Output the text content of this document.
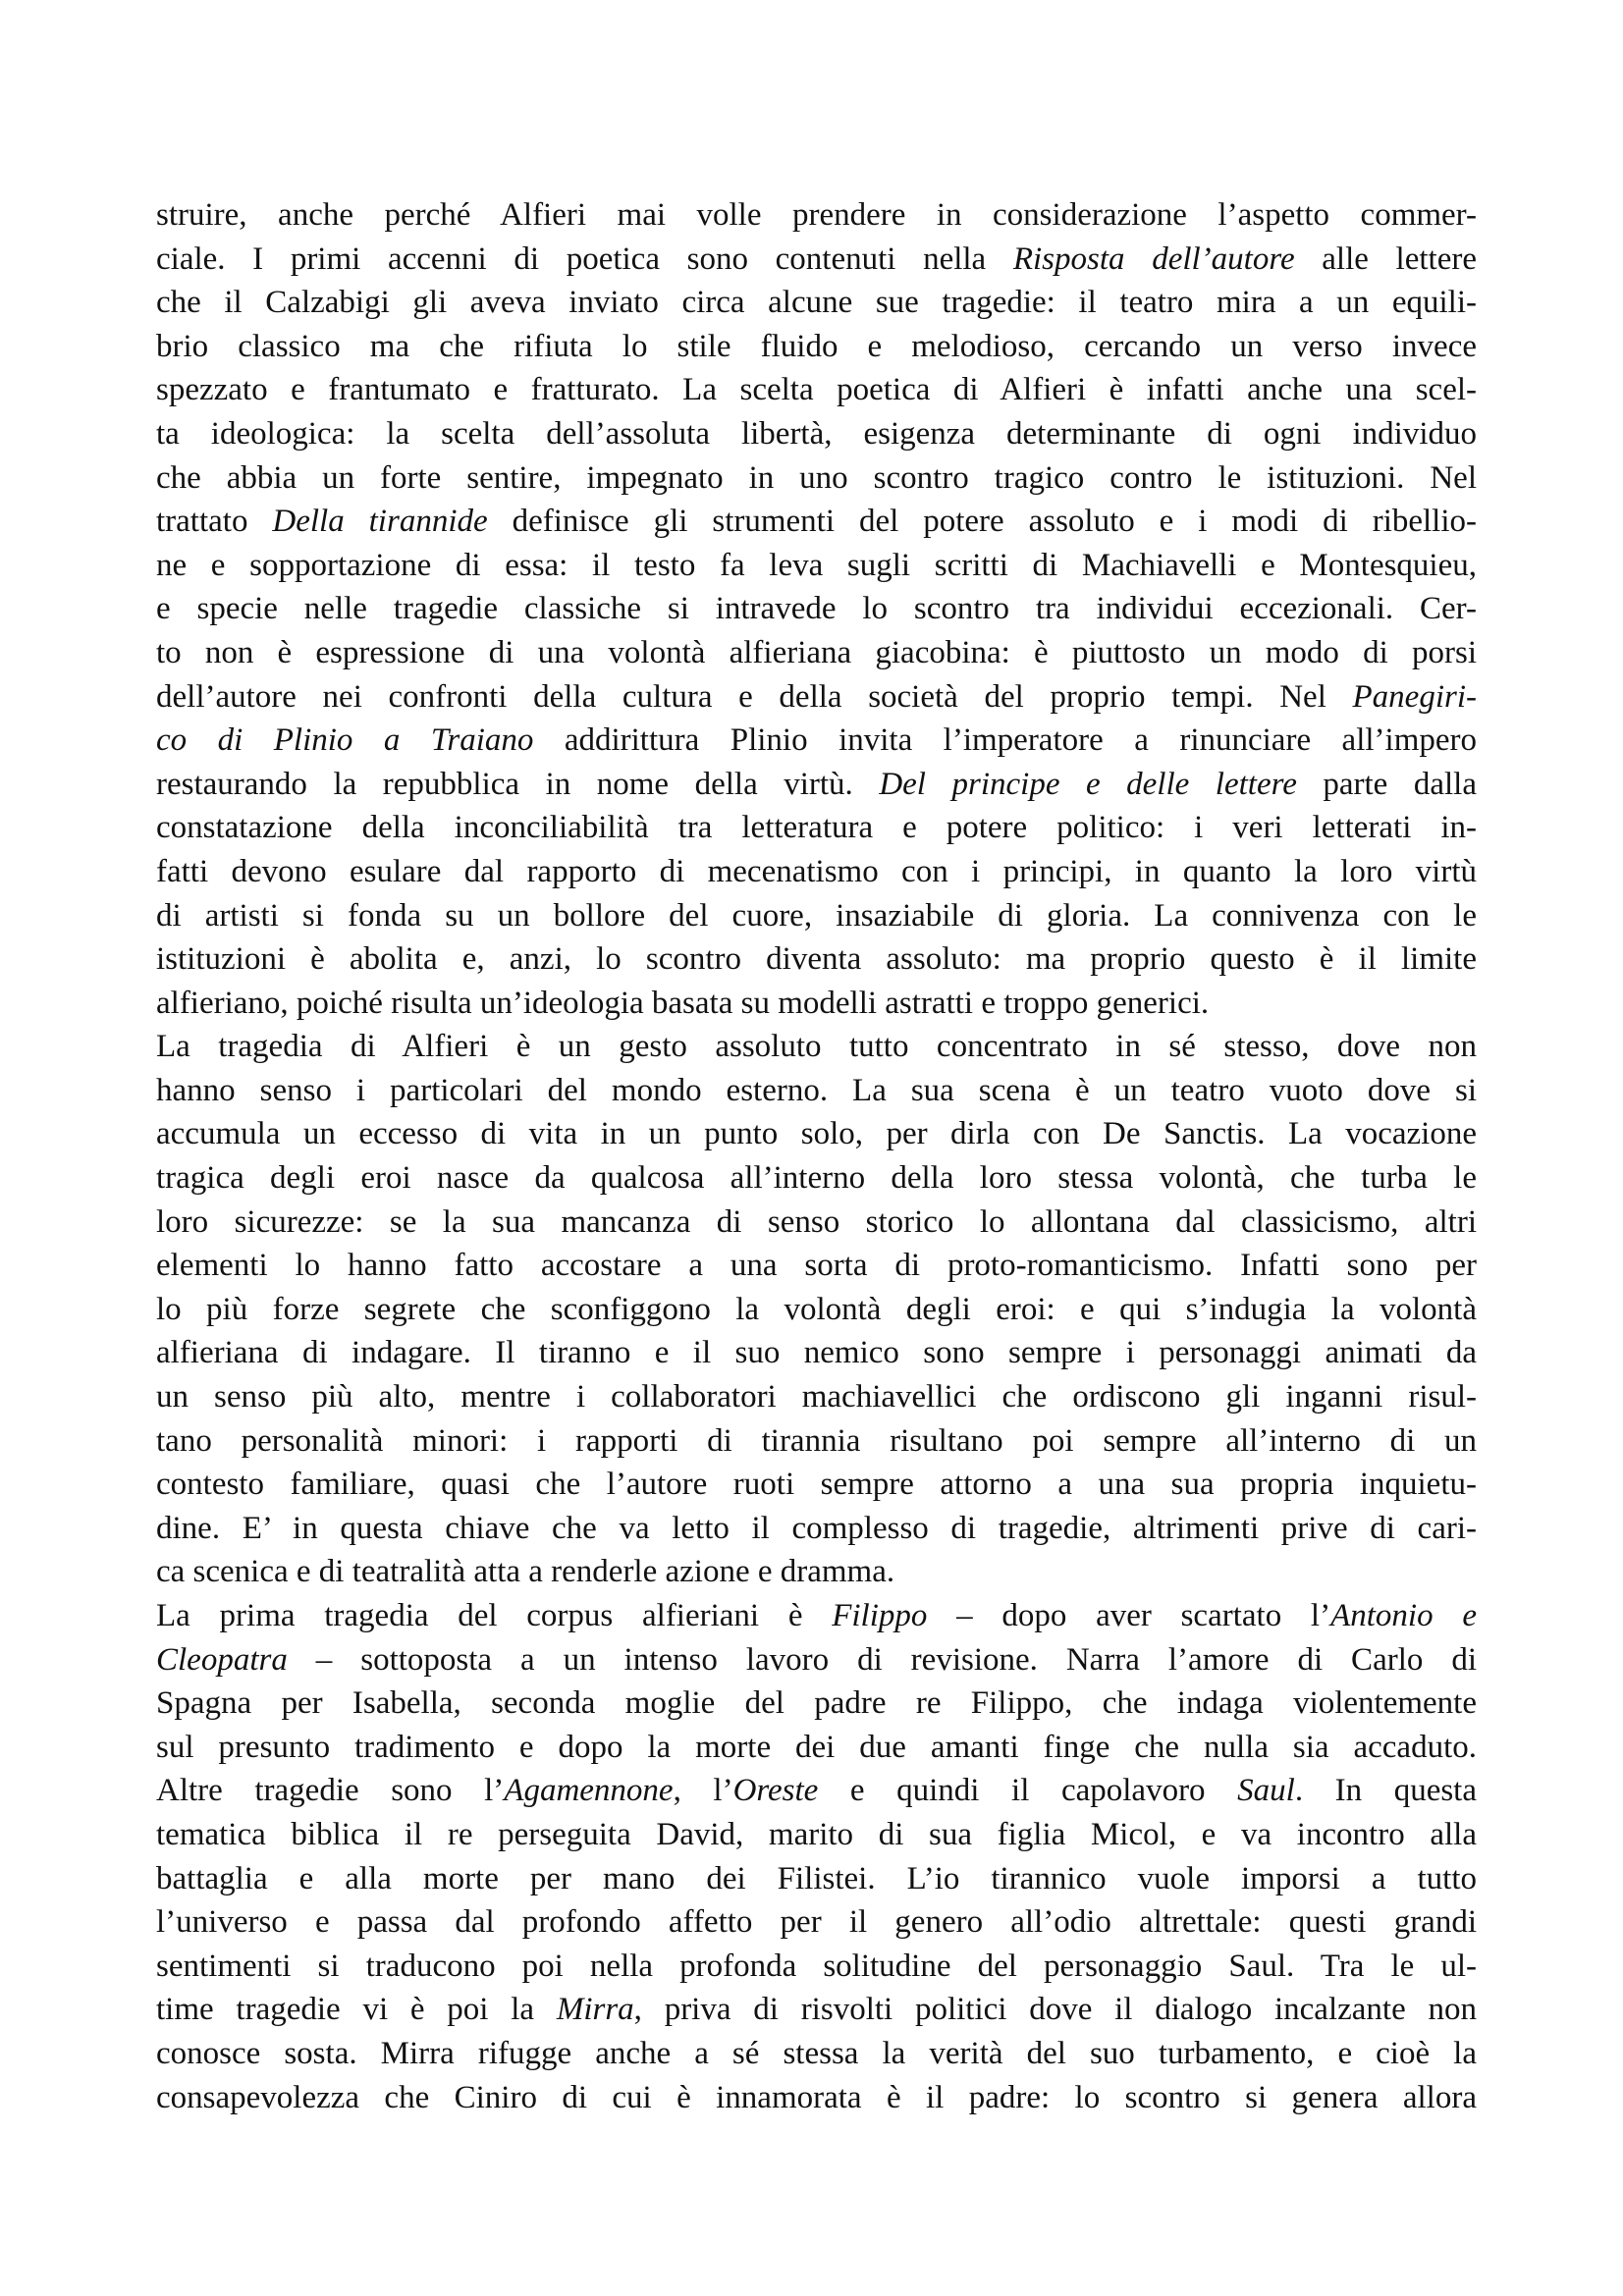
struire, anche perché Alfieri mai volle prendere in considerazione l’aspetto commer-
ciale. I primi accenni di poetica sono contenuti nella Risposta dell’autore alle lettere
che il Calzabigi gli aveva inviato circa alcune sue tragedie: il teatro mira a un equili-
brio classico ma che rifiuta lo stile fluido e melodioso, cercando un verso invece
spezzato e frantumato e fratturato. La scelta poetica di Alfieri è infatti anche una scel-
ta ideologica: la scelta dell’assoluta libertà, esigenza determinante di ogni individuo
che abbia un forte sentire, impegnato in uno scontro tragico contro le istituzioni. Nel
trattato Della tirannide definisce gli strumenti del potere assoluto e i modi di ribellio-
ne e sopportazione di essa: il testo fa leva sugli scritti di Machiavelli e Montesquieu,
e specie nelle tragedie classiche si intravede lo scontro tra individui eccezionali. Cer-
to non è espressione di una volontà alfieriana giacobina: è piuttosto un modo di porsi
dell’autore nei confronti della cultura e della società del proprio tempi. Nel Panegiri-
co di Plinio a Traiano addirittura Plinio invita l’imperatore a rinunciare all’impero
restaurando la repubblica in nome della virtù. Del principe e delle lettere parte dalla
constatazione della inconciliabilità tra letteratura e potere politico: i veri letterati in-
fatti devono esulare dal rapporto di mecenatismo con i principi, in quanto la loro virtù
di artisti si fonda su un bollore del cuore, insaziabile di gloria. La connivenza con le
istituzioni è abolita e, anzi, lo scontro diventa assoluto: ma proprio questo è il limite
alfieriano, poiché risulta un’ideologia basata su modelli astratti e troppo generici.
La tragedia di Alfieri è un gesto assoluto tutto concentrato in sé stesso, dove non
hanno senso i particolari del mondo esterno. La sua scena è un teatro vuoto dove si
accumula un eccesso di vita in un punto solo, per dirla con De Sanctis. La vocazione
tragica degli eroi nasce da qualcosa all’interno della loro stessa volontà, che turba le
loro sicurezze: se la sua mancanza di senso storico lo allontana dal classicismo, altri
elementi lo hanno fatto accostare a una sorta di proto-romanticismo. Infatti sono per
lo più forze segrete che sconfiggono la volontà degli eroi: e qui s’indugia la volontà
alfieriana di indagare. Il tiranno e il suo nemico sono sempre i personaggi animati da
un senso più alto, mentre i collaboratori machiavellici che ordiscono gli inganni risul-
tano personalità minori: i rapporti di tirannia risultano poi sempre all’interno di un
contesto familiare, quasi che l’autore ruoti sempre attorno a una sua propria inquietu-
dine. E’ in questa chiave che va letto il complesso di tragedie, altrimenti prive di cari-
ca scenica e di teatralità atta a renderle azione e dramma.
La prima tragedia del corpus alfieriani è Filippo – dopo aver scartato l’Antonio e
Cleopatra – sottoposta a un intenso lavoro di revisione. Narra l’amore di Carlo di
Spagna per Isabella, seconda moglie del padre re Filippo, che indaga violentemente
sul presunto tradimento e dopo la morte dei due amanti finge che nulla sia accaduto.
Altre tragedie sono l’Agamennone, l’Oreste e quindi il capolavoro Saul. In questa
tematica biblica il re perseguita David, marito di sua figlia Micol, e va incontro alla
battaglia e alla morte per mano dei Filistei. L’io tirannico vuole imporsi a tutto
l’universo e passa dal profondo affetto per il genero all’odio altrettale: questi grandi
sentimenti si traducono poi nella profonda solitudine del personaggio Saul. Tra le ul-
time tragedie vi è poi la Mirra, priva di risvolti politici dove il dialogo incalzante non
conosce sosta. Mirra rifugge anche a sé stessa la verità del suo turbamento, e cioè la
consapevolezza che Ciniro di cui è innamorata è il padre: lo scontro si genera allora
